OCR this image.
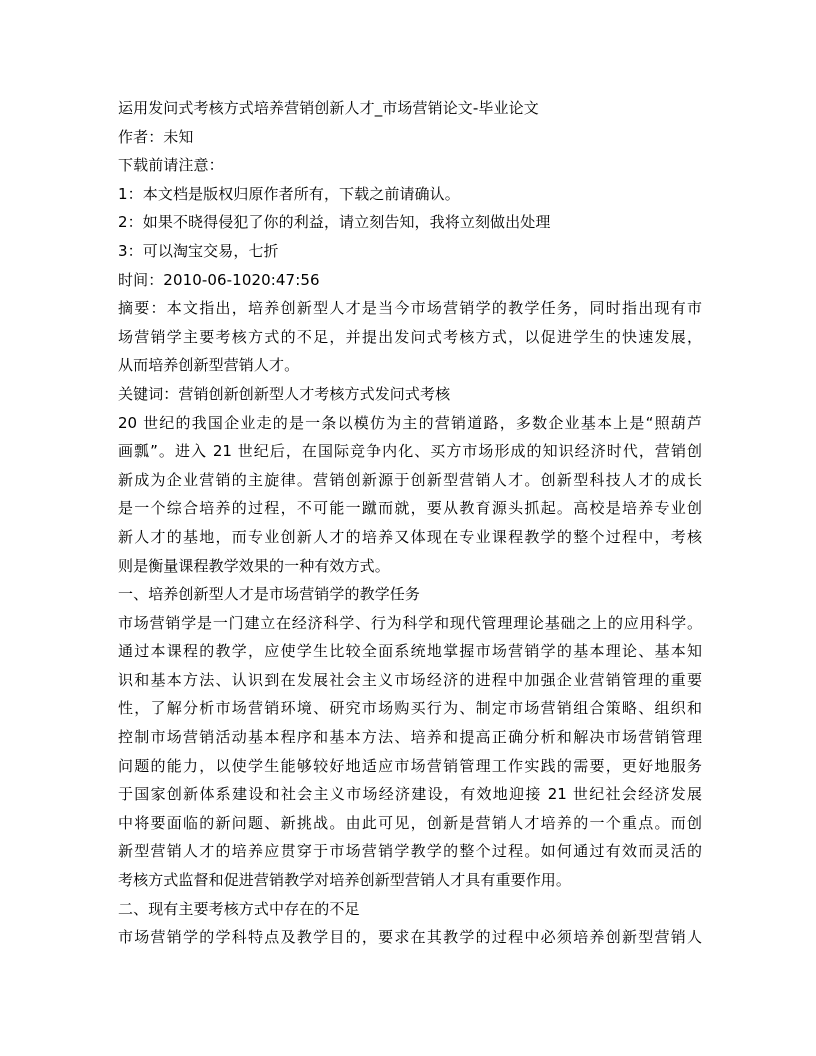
运用发问式考核方式培养营销创新人才_市场营销论文-毕业论文
作者：未知
下载前请注意：
1：本文档是版权归原作者所有，下载之前请确认。
2：如果不晓得侵犯了你的利益，请立刻告知，我将立刻做出处理
3：可以淘宝交易，七折
时间：2010-06-1020:47:56
摘要：本文指出，培养创新型人才是当今市场营销学的教学任务，同时指出现有市
场营销学主要考核方式的不足，并提出发问式考核方式，以促进学生的快速发展，
从而培养创新型营销人才。
关键词：营销创新创新型人才考核方式发问式考核
20 世纪的我国企业走的是一条以模仿为主的营销道路，多数企业基本上是“照葫芦
画瓢”。进入 21 世纪后，在国际竞争内化、买方市场形成的知识经济时代，营销创
新成为企业营销的主旋律。营销创新源于创新型营销人才。创新型科技人才的成长
是一个综合培养的过程，不可能一蹴而就，要从教育源头抓起。高校是培养专业创
新人才的基地，而专业创新人才的培养又体现在专业课程教学的整个过程中，考核
则是衡量课程教学效果的一种有效方式。
一、培养创新型人才是市场营销学的教学任务
市场营销学是一门建立在经济科学、行为科学和现代管理理论基础之上的应用科学。
通过本课程的教学，应使学生比较全面系统地掌握市场营销学的基本理论、基本知
识和基本方法、认识到在发展社会主义市场经济的进程中加强企业营销管理的重要
性，了解分析市场营销环境、研究市场购买行为、制定市场营销组合策略、组织和
控制市场营销活动基本程序和基本方法、培养和提高正确分析和解决市场营销管理
问题的能力，以使学生能够较好地适应市场营销管理工作实践的需要，更好地服务
于国家创新体系建设和社会主义市场经济建设，有效地迎接 21 世纪社会经济发展
中将要面临的新问题、新挑战。由此可见，创新是营销人才培养的一个重点。而创
新型营销人才的培养应贯穿于市场营销学教学的整个过程。如何通过有效而灵活的
考核方式监督和促进营销教学对培养创新型营销人才具有重要作用。
二、现有主要考核方式中存在的不足
市场营销学的学科特点及教学目的，要求在其教学的过程中必须培养创新型营销人
